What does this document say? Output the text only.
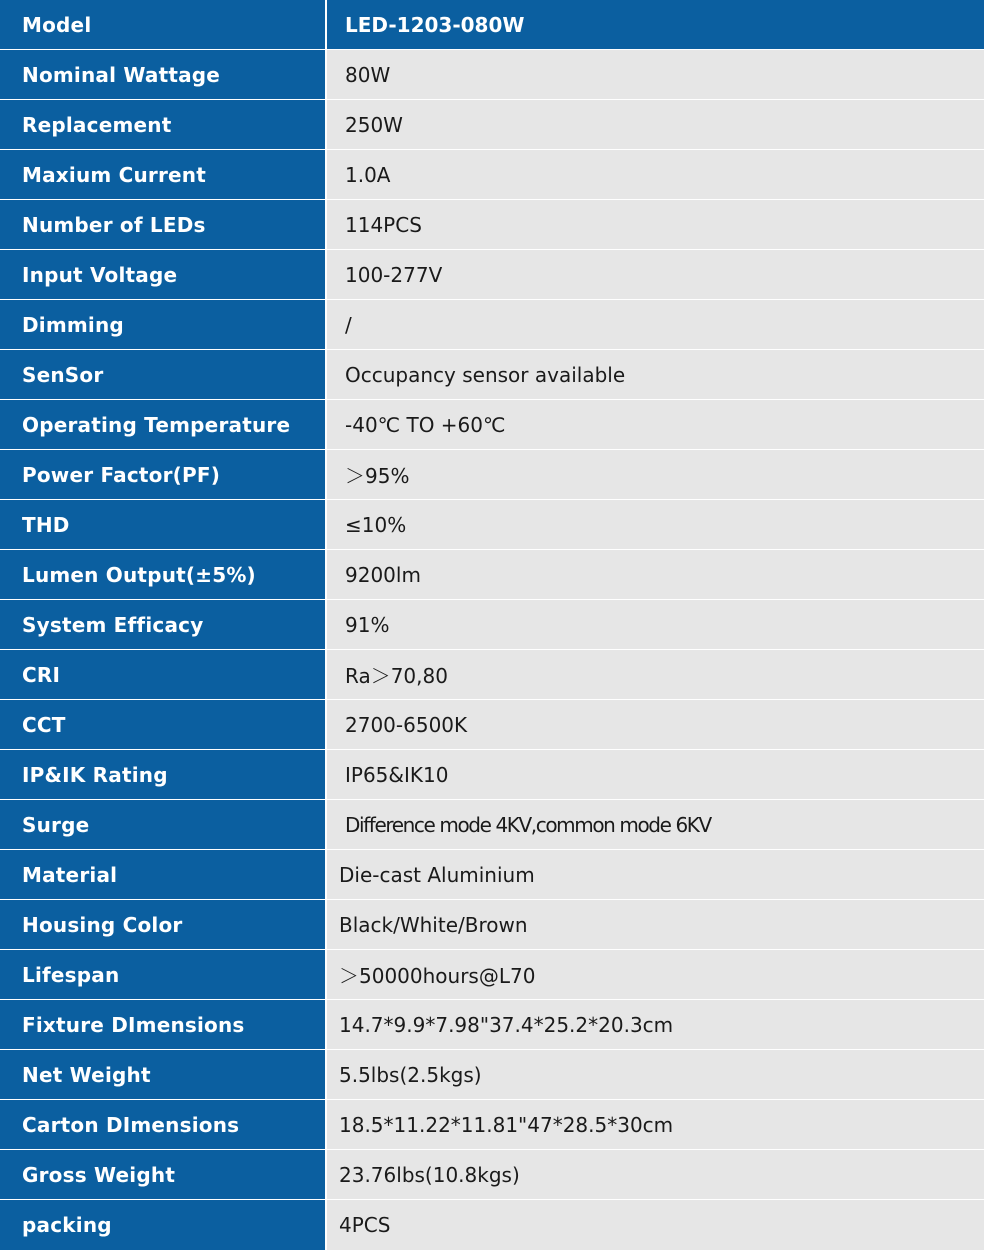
Model	LED-1203-080W
Nominal Wattage	80W
Replacement	250W
Maxium Current	1.0A
Number of LEDs	114PCS
Input Voltage	100-277V
Dimming	/
SenSor	Occupancy sensor available
Operating Temperature	-40℃ TO +60℃
Power Factor(PF)	＞95%
THD	≤10%
Lumen Output(±5%)	9200lm
System Efficacy	91%
CRI	Ra＞70,80
CCT	2700-6500K
IP&IK Rating	IP65&IK10
Surge	Difference mode 4KV,common mode 6KV
Material	Die-cast Aluminium
Housing Color	Black/White/Brown
Lifespan	＞50000hours@L70
Fixture DImensions	14.7*9.9*7.98"37.4*25.2*20.3cm
Net Weight	5.5lbs(2.5kgs)
Carton DImensions	18.5*11.22*11.81"47*28.5*30cm
Gross Weight	23.76lbs(10.8kgs)
packing	4PCS
